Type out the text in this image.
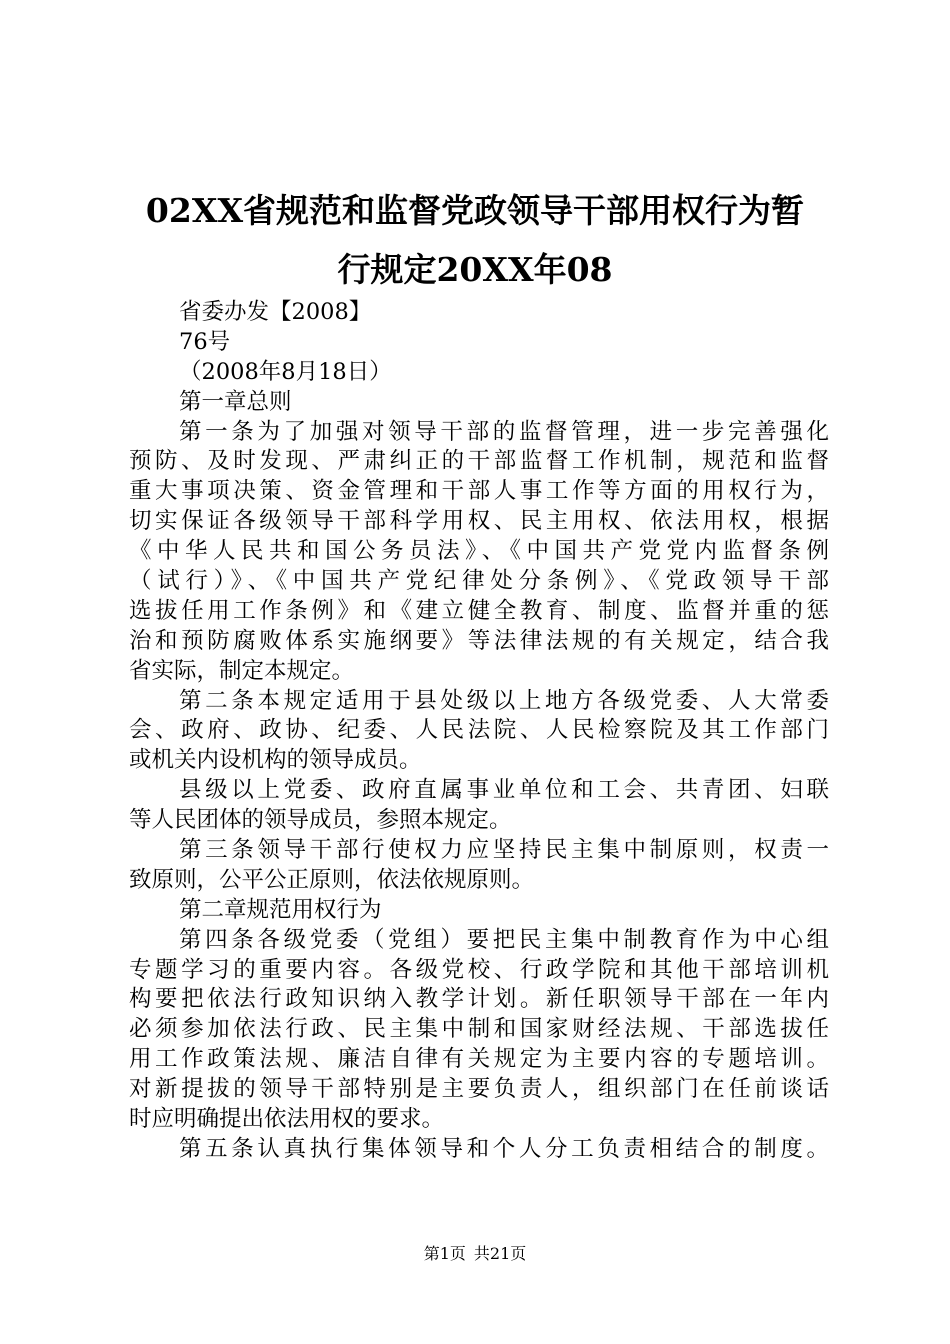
02XX省规范和监督党政领导干部用权行为暂
行规定20XX年08
省委办发【2008】
76号
（2008年8月18日）
第一章总则
第一条为了加强对领导干部的监督管理，进一步完善强化
预防、及时发现、严肃纠正的干部监督工作机制，规范和监督
重大事项决策、资金管理和干部人事工作等方面的用权行为，
切实保证各级领导干部科学用权、民主用权、依法用权，根据
《中华人民共和国公务员法》、《中国共产党党内监督条例
（试行）》、《中国共产党纪律处分条例》、《党政领导干部
选拔任用工作条例》和《建立健全教育、制度、监督并重的惩
治和预防腐败体系实施纲要》等法律法规的有关规定，结合我
省实际，制定本规定。
第二条本规定适用于县处级以上地方各级党委、人大常委
会、政府、政协、纪委、人民法院、人民检察院及其工作部门
或机关内设机构的领导成员。
县级以上党委、政府直属事业单位和工会、共青团、妇联
等人民团体的领导成员，参照本规定。
第三条领导干部行使权力应坚持民主集中制原则，权责一
致原则，公平公正原则，依法依规原则。
第二章规范用权行为
第四条各级党委（党组）要把民主集中制教育作为中心组
专题学习的重要内容。各级党校、行政学院和其他干部培训机
构要把依法行政知识纳入教学计划。新任职领导干部在一年内
必须参加依法行政、民主集中制和国家财经法规、干部选拔任
用工作政策法规、廉洁自律有关规定为主要内容的专题培训。
对新提拔的领导干部特别是主要负责人，组织部门在任前谈话
时应明确提出依法用权的要求。
第五条认真执行集体领导和个人分工负责相结合的制度。
第1页 共21页
